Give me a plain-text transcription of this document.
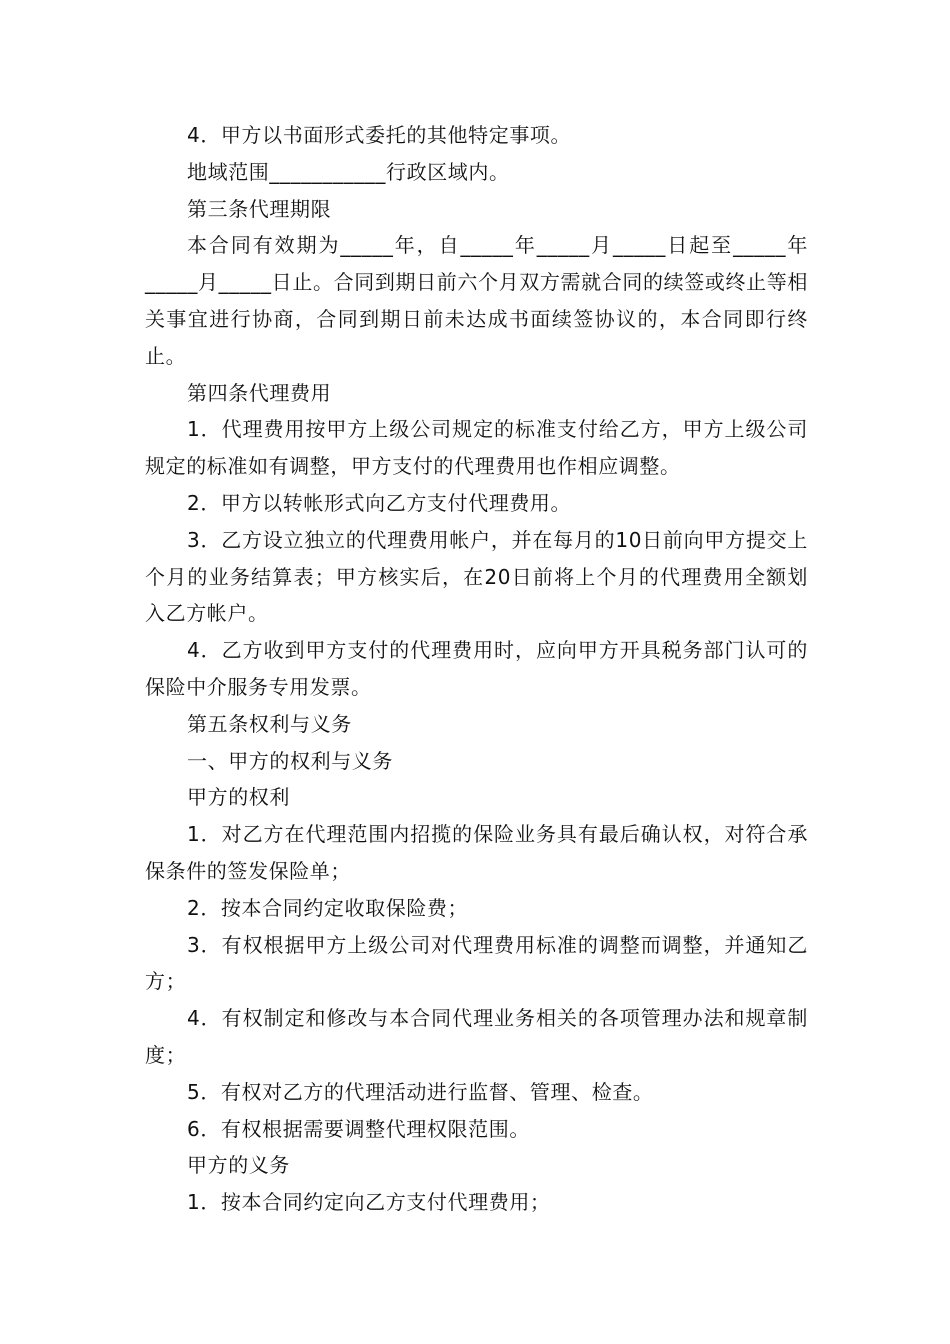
4．甲方以书面形式委托的其他特定事项。

地域范围___________行政区域内。

第三条代理期限

本合同有效期为_____年，自_____年_____月_____日起至_____年_____月_____日止。合同到期日前六个月双方需就合同的续签或终止等相关事宜进行协商，合同到期日前未达成书面续签协议的，本合同即行终止。

第四条代理费用

1．代理费用按甲方上级公司规定的标准支付给乙方，甲方上级公司规定的标准如有调整，甲方支付的代理费用也作相应调整。

2．甲方以转帐形式向乙方支付代理费用。

3．乙方设立独立的代理费用帐户，并在每月的10日前向甲方提交上个月的业务结算表；甲方核实后，在20日前将上个月的代理费用全额划入乙方帐户。

4．乙方收到甲方支付的代理费用时，应向甲方开具税务部门认可的保险中介服务专用发票。

第五条权利与义务

一、甲方的权利与义务

甲方的权利

1．对乙方在代理范围内招揽的保险业务具有最后确认权，对符合承保条件的签发保险单；

2．按本合同约定收取保险费；

3．有权根据甲方上级公司对代理费用标准的调整而调整，并通知乙方；

4．有权制定和修改与本合同代理业务相关的各项管理办法和规章制度；

5．有权对乙方的代理活动进行监督、管理、检查。

6．有权根据需要调整代理权限范围。

甲方的义务

1．按本合同约定向乙方支付代理费用；
